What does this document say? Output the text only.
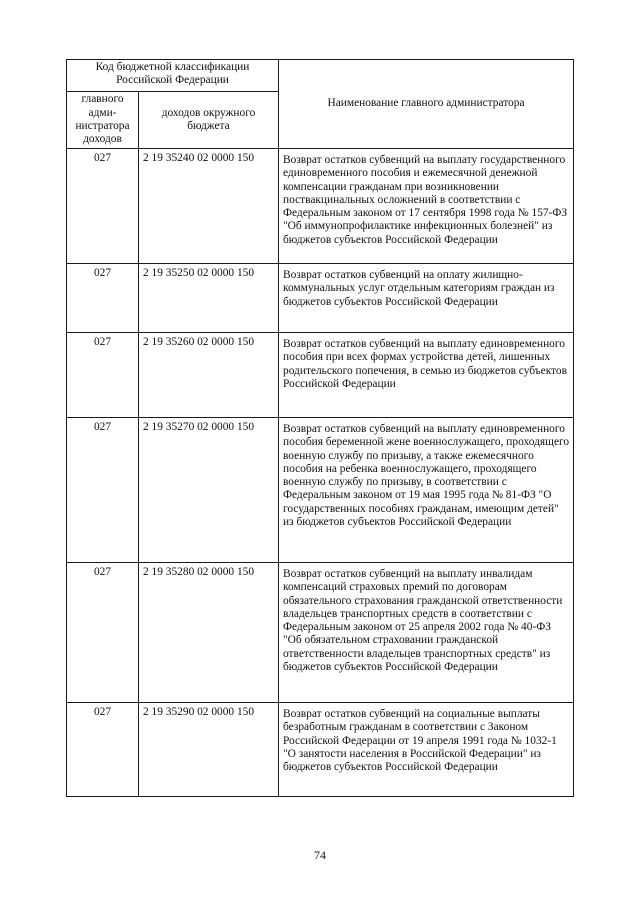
Код бюджетной классификации Российской Федерации		Наименование главного администратора
главного адми-нистратора доходов	доходов окружного бюджета	
027	2 19 35240 02 0000 150	Возврат остатков субвенций на выплату государственного единовременного пособия и ежемесячной денежной компенсации гражданам при возникновении поствакцинальных осложнений в соответствии с Федеральным законом от 17 сентября 1998 года № 157-ФЗ "Об иммунопрофилактике инфекционных болезней" из бюджетов субъектов Российской Федерации
027	2 19 35250 02 0000 150	Возврат остатков субвенций на оплату жилищно-коммунальных услуг отдельным категориям граждан из бюджетов субъектов Российской Федерации
027	2 19 35260 02 0000 150	Возврат остатков субвенций на выплату единовременного пособия при всех формах устройства детей, лишенных родительского попечения, в семью из бюджетов субъектов Российской Федерации
027	2 19 35270 02 0000 150	Возврат остатков субвенций на выплату единовременного пособия беременной жене военнослужащего, проходящего военную службу по призыву, а также ежемесячного пособия на ребенка военнослужащего, проходящего военную службу по призыву, в соответствии с Федеральным законом от 19 мая 1995 года № 81-ФЗ "О государственных пособиях гражданам, имеющим детей" из бюджетов субъектов Российской Федерации
027	2 19 35280 02 0000 150	Возврат остатков субвенций на выплату инвалидам компенсаций страховых премий по договорам обязательного страхования гражданской ответственности владельцев транспортных средств в соответствии с Федеральным законом от 25 апреля 2002 года № 40-ФЗ "Об обязательном страховании гражданской ответственности владельцев транспортных средств" из бюджетов субъектов Российской Федерации
027	2 19 35290 02 0000 150	Возврат остатков субвенций на социальные выплаты безработным гражданам в соответствии с Законом Российской Федерации от 19 апреля 1991 года № 1032-1 "О занятости населения в Российской Федерации" из бюджетов субъектов Российской Федерации
74
